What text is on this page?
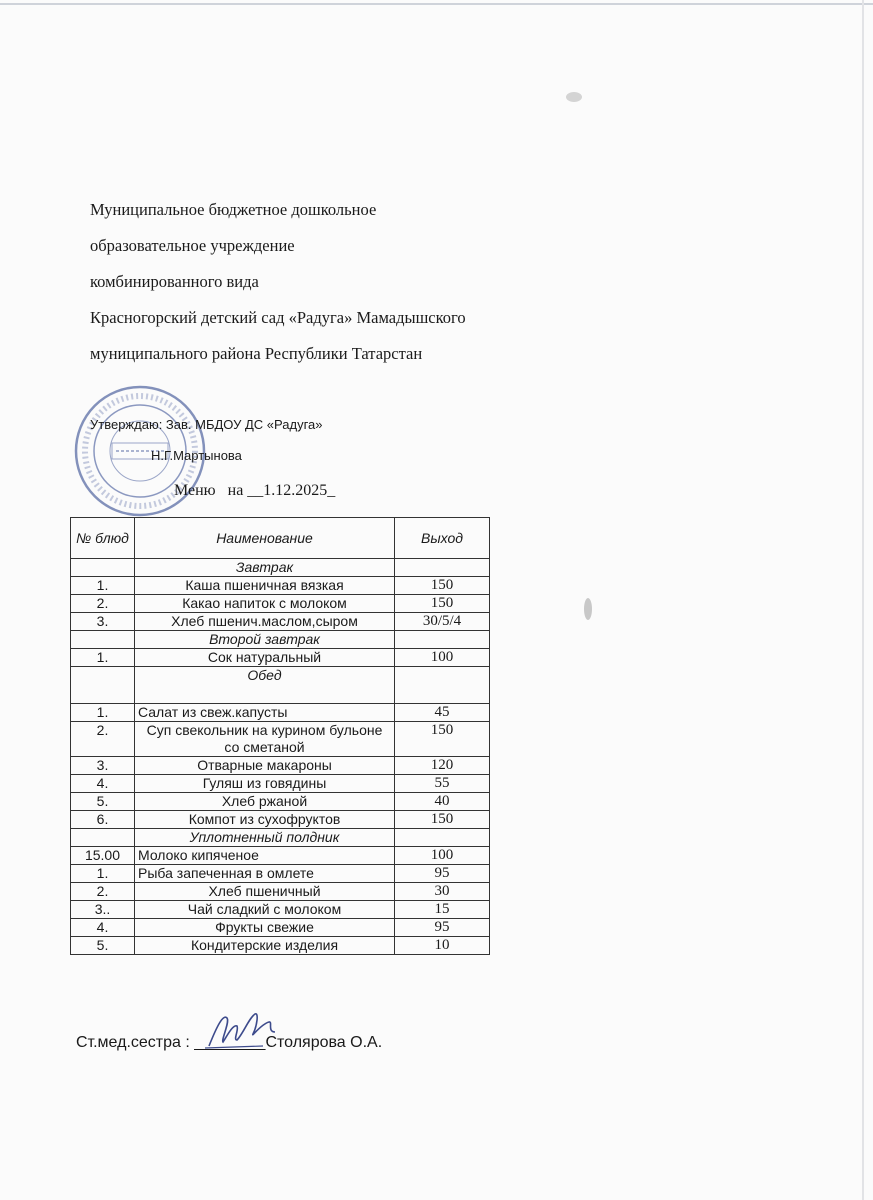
Муниципальное бюджетное дошкольное
образовательное учреждение
комбинированного вида
Красногорский детский сад «Радуга» Мамадышского
муниципального района Республики Татарстан
Утверждаю: Зав. МБДОУ ДС «Радуга»
Н.Г.Мартынова
Меню на __1.12.2025_
№ блюд	Наименование	Выход
	Завтрак	
1.	Каша пшеничная вязкая	150
2.	Какао напиток с молоком	150
3.	Хлеб пшенич.маслом,сыром	30/5/4
	Второй завтрак	
1.	Сок натуральный	100
	Обед	
1.	Салат из свеж.капусты	45
2.	Суп свекольник на курином бульоне со сметаной	150
3.	Отварные макароны	120
4.	Гуляш из говядины	55
5.	Хлеб ржаной	40
6.	Компот из сухофруктов	150
	Уплотненный полдник	
15.00	Молоко кипяченое	100
1.	Рыба запеченная в омлете	95
2.	Хлеб пшеничный	30
3..	Чай сладкий с молоком	15
4.	Фрукты свежие	95
5.	Кондитерские изделия	10
Ст.мед.сестра : ________Столярова О.А.
